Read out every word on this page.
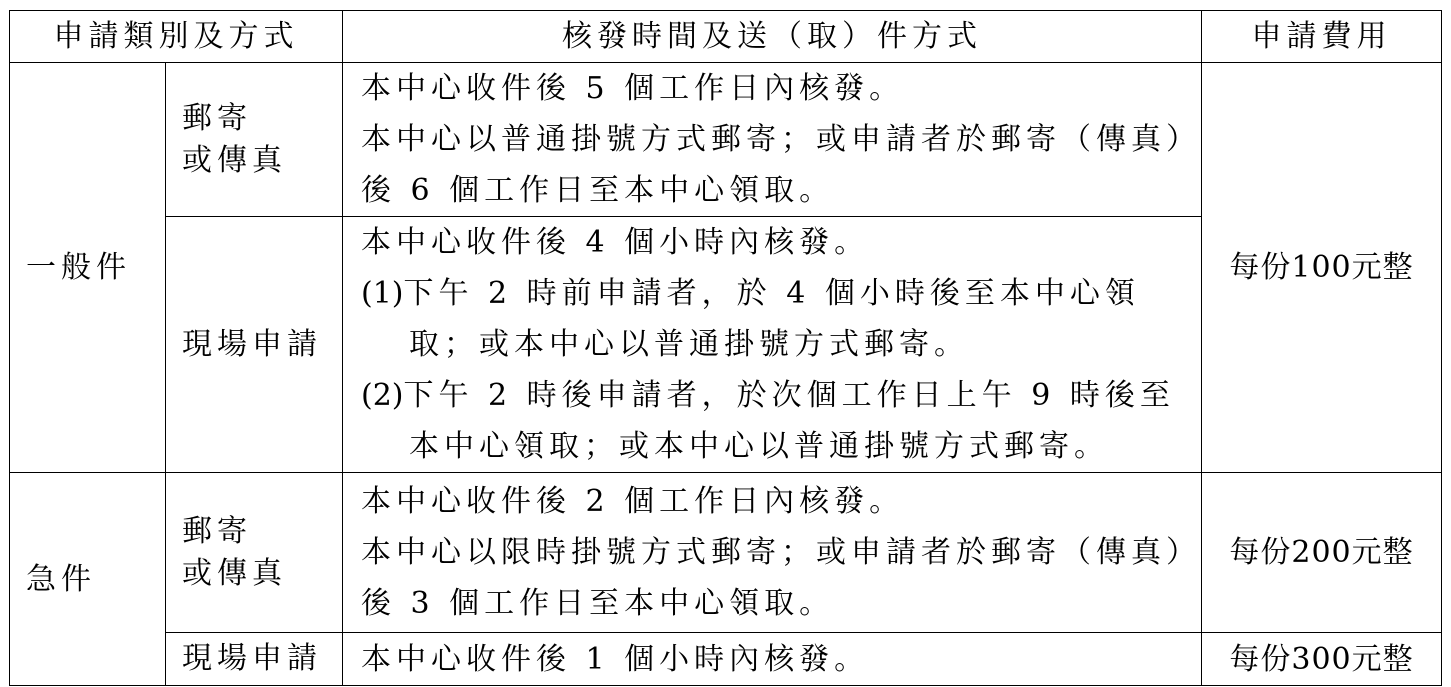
申請類別及方式		核發時間及送（取）件方式	申請費用
一般件	郵寄
或傳真	本中心收件後 5 個工作日內核發。
本中心以普通掛號方式郵寄；或申請者於郵寄（傳真）後 6 個工作日至本中心領取。	每份100元整
	現場申請	本中心收件後 4 個小時內核發。
(1)下午 2 時前申請者，於 4 個小時後至本中心領取；或本中心以普通掛號方式郵寄。
(2)下午 2 時後申請者，於次個工作日上午 9 時後至本中心領取；或本中心以普通掛號方式郵寄。	

急件	郵寄
或傳真	本中心收件後 2 個工作日內核發。
本中心以限時掛號方式郵寄；或申請者於郵寄（傳真）後 3 個工作日至本中心領取。	每份200元整
	現場申請	本中心收件後 1 個小時內核發。	每份300元整
